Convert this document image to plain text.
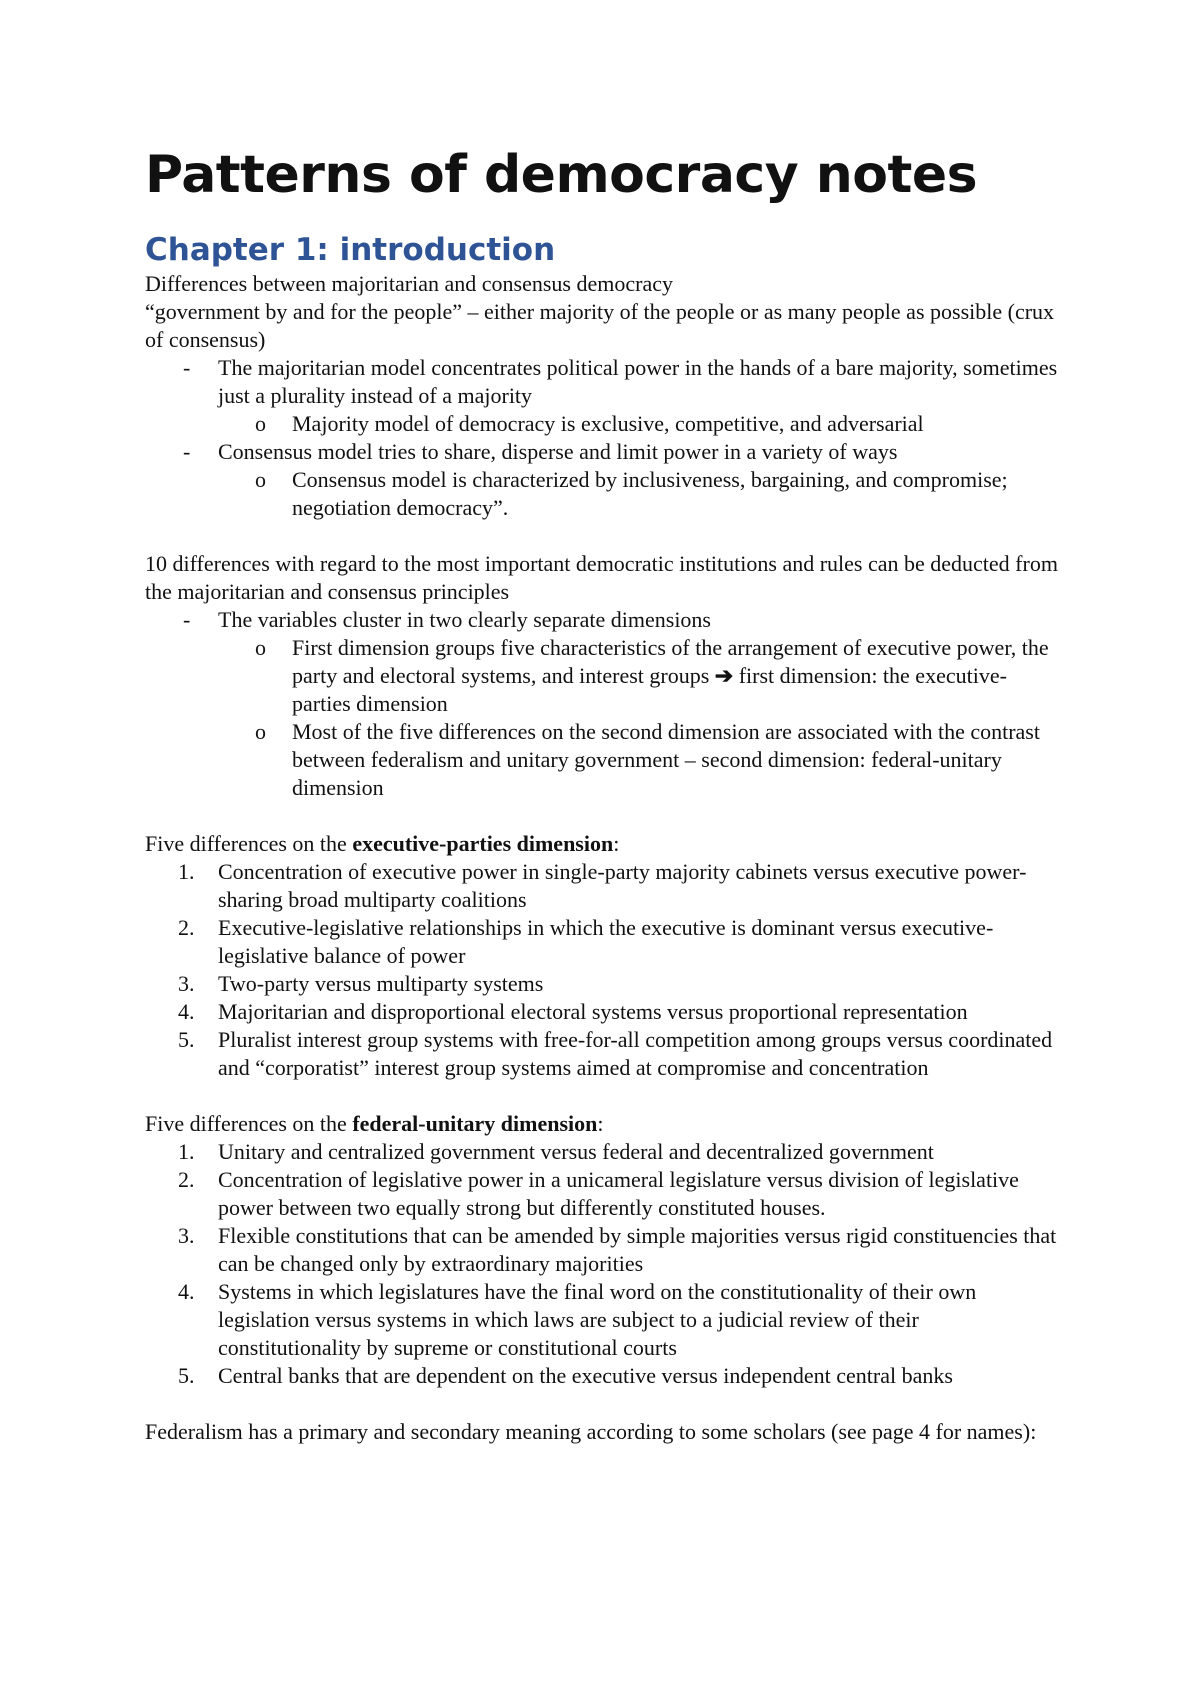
Patterns of democracy notes
Chapter 1: introduction

Differences between majoritarian and consensus democracy

“government by and for the people” – either majority of the people or as many people as possible (crux of consensus)

- The majoritarian model concentrates political power in the hands of a bare majority, sometimes just a plurality instead of a majority
o Majority model of democracy is exclusive, competitive, and adversarial
- Consensus model tries to share, disperse and limit power in a variety of ways
o Consensus model is characterized by inclusiveness, bargaining, and compromise; negotiation democracy”.

10 differences with regard to the most important democratic institutions and rules can be deducted from the majoritarian and consensus principles

- The variables cluster in two clearly separate dimensions
o First dimension groups five characteristics of the arrangement of executive power, the party and electoral systems, and interest groups ➔ first dimension: the executive-parties dimension
o Most of the five differences on the second dimension are associated with the contrast between federalism and unitary government – second dimension: federal-unitary dimension

Five differences on the executive-parties dimension:

1. Concentration of executive power in single-party majority cabinets versus executive power-sharing broad multiparty coalitions
2. Executive-legislative relationships in which the executive is dominant versus executive-legislative balance of power
3. Two-party versus multiparty systems
4. Majoritarian and disproportional electoral systems versus proportional representation
5. Pluralist interest group systems with free-for-all competition among groups versus coordinated and “corporatist” interest group systems aimed at compromise and concentration

Five differences on the federal-unitary dimension:

1. Unitary and centralized government versus federal and decentralized government
2. Concentration of legislative power in a unicameral legislature versus division of legislative power between two equally strong but differently constituted houses.
3. Flexible constitutions that can be amended by simple majorities versus rigid constituencies that can be changed only by extraordinary majorities
4. Systems in which legislatures have the final word on the constitutionality of their own legislation versus systems in which laws are subject to a judicial review of their constitutionality by supreme or constitutional courts
5. Central banks that are dependent on the executive versus independent central banks

Federalism has a primary and secondary meaning according to some scholars (see page 4 for names):
